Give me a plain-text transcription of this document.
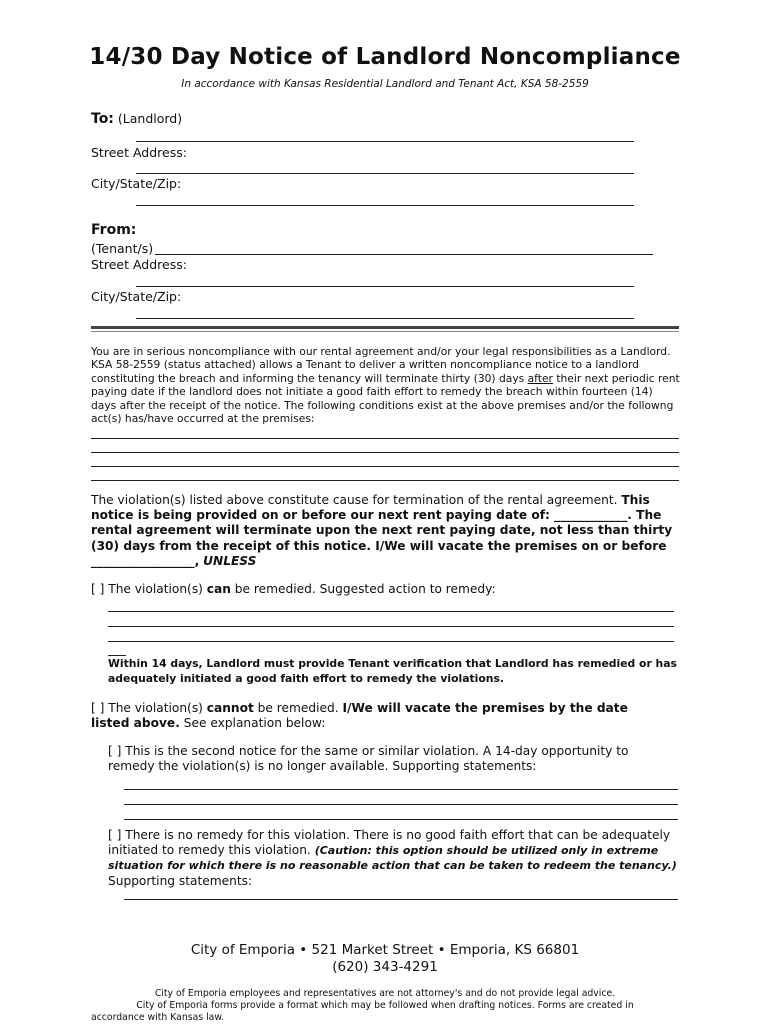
14/30 Day Notice of Landlord Noncompliance
In accordance with Kansas Residential Landlord and Tenant Act, KSA 58-2559
To: (Landlord)
Street Address:
City/State/Zip:
From:
(Tenant/s)
Street Address:
City/State/Zip:
You are in serious noncompliance with our rental agreement and/or your legal responsibilities as a Landlord. KSA 58-2559 (status attached) allows a Tenant to deliver a written noncompliance notice to a landlord constituting the breach and informing the tenancy will terminate thirty (30) days after their next periodic rent paying date if the landlord does not initiate a good faith effort to remedy the breach within fourteen (14) days after the receipt of the notice. The following conditions exist at the above premises and/or the followng act(s) has/have occurred at the premises:
The violation(s) listed above constitute cause for termination of the rental agreement. This notice is being provided on or before our next rent paying date of: ____________. The rental agreement will terminate upon the next rent paying date, not less than thirty (30) days from the receipt of this notice. I/We will vacate the premises on or before _________________, UNLESS
[ ] The violation(s) can be remedied. Suggested action to remedy:
Within 14 days, Landlord must provide Tenant verification that Landlord has remedied or has adequately initiated a good faith effort to remedy the violations.
[ ] The violation(s) cannot be remedied. I/We will vacate the premises by the date listed above. See explanation below:
[ ] This is the second notice for the same or similar violation. A 14-day opportunity to remedy the violation(s) is no longer available. Supporting statements:
[ ] There is no remedy for this violation. There is no good faith effort that can be adequately initiated to remedy this violation. (Caution: this option should be utilized only in extreme situation for which there is no reasonable action that can be taken to redeem the tenancy.) Supporting statements:
City of Emporia • 521 Market Street • Emporia, KS 66801
(620) 343-4291
City of Emporia employees and representatives are not attorney's and do not provide legal advice.
City of Emporia forms provide a format which may be followed when drafting notices. Forms are created in
accordance with Kansas law.
